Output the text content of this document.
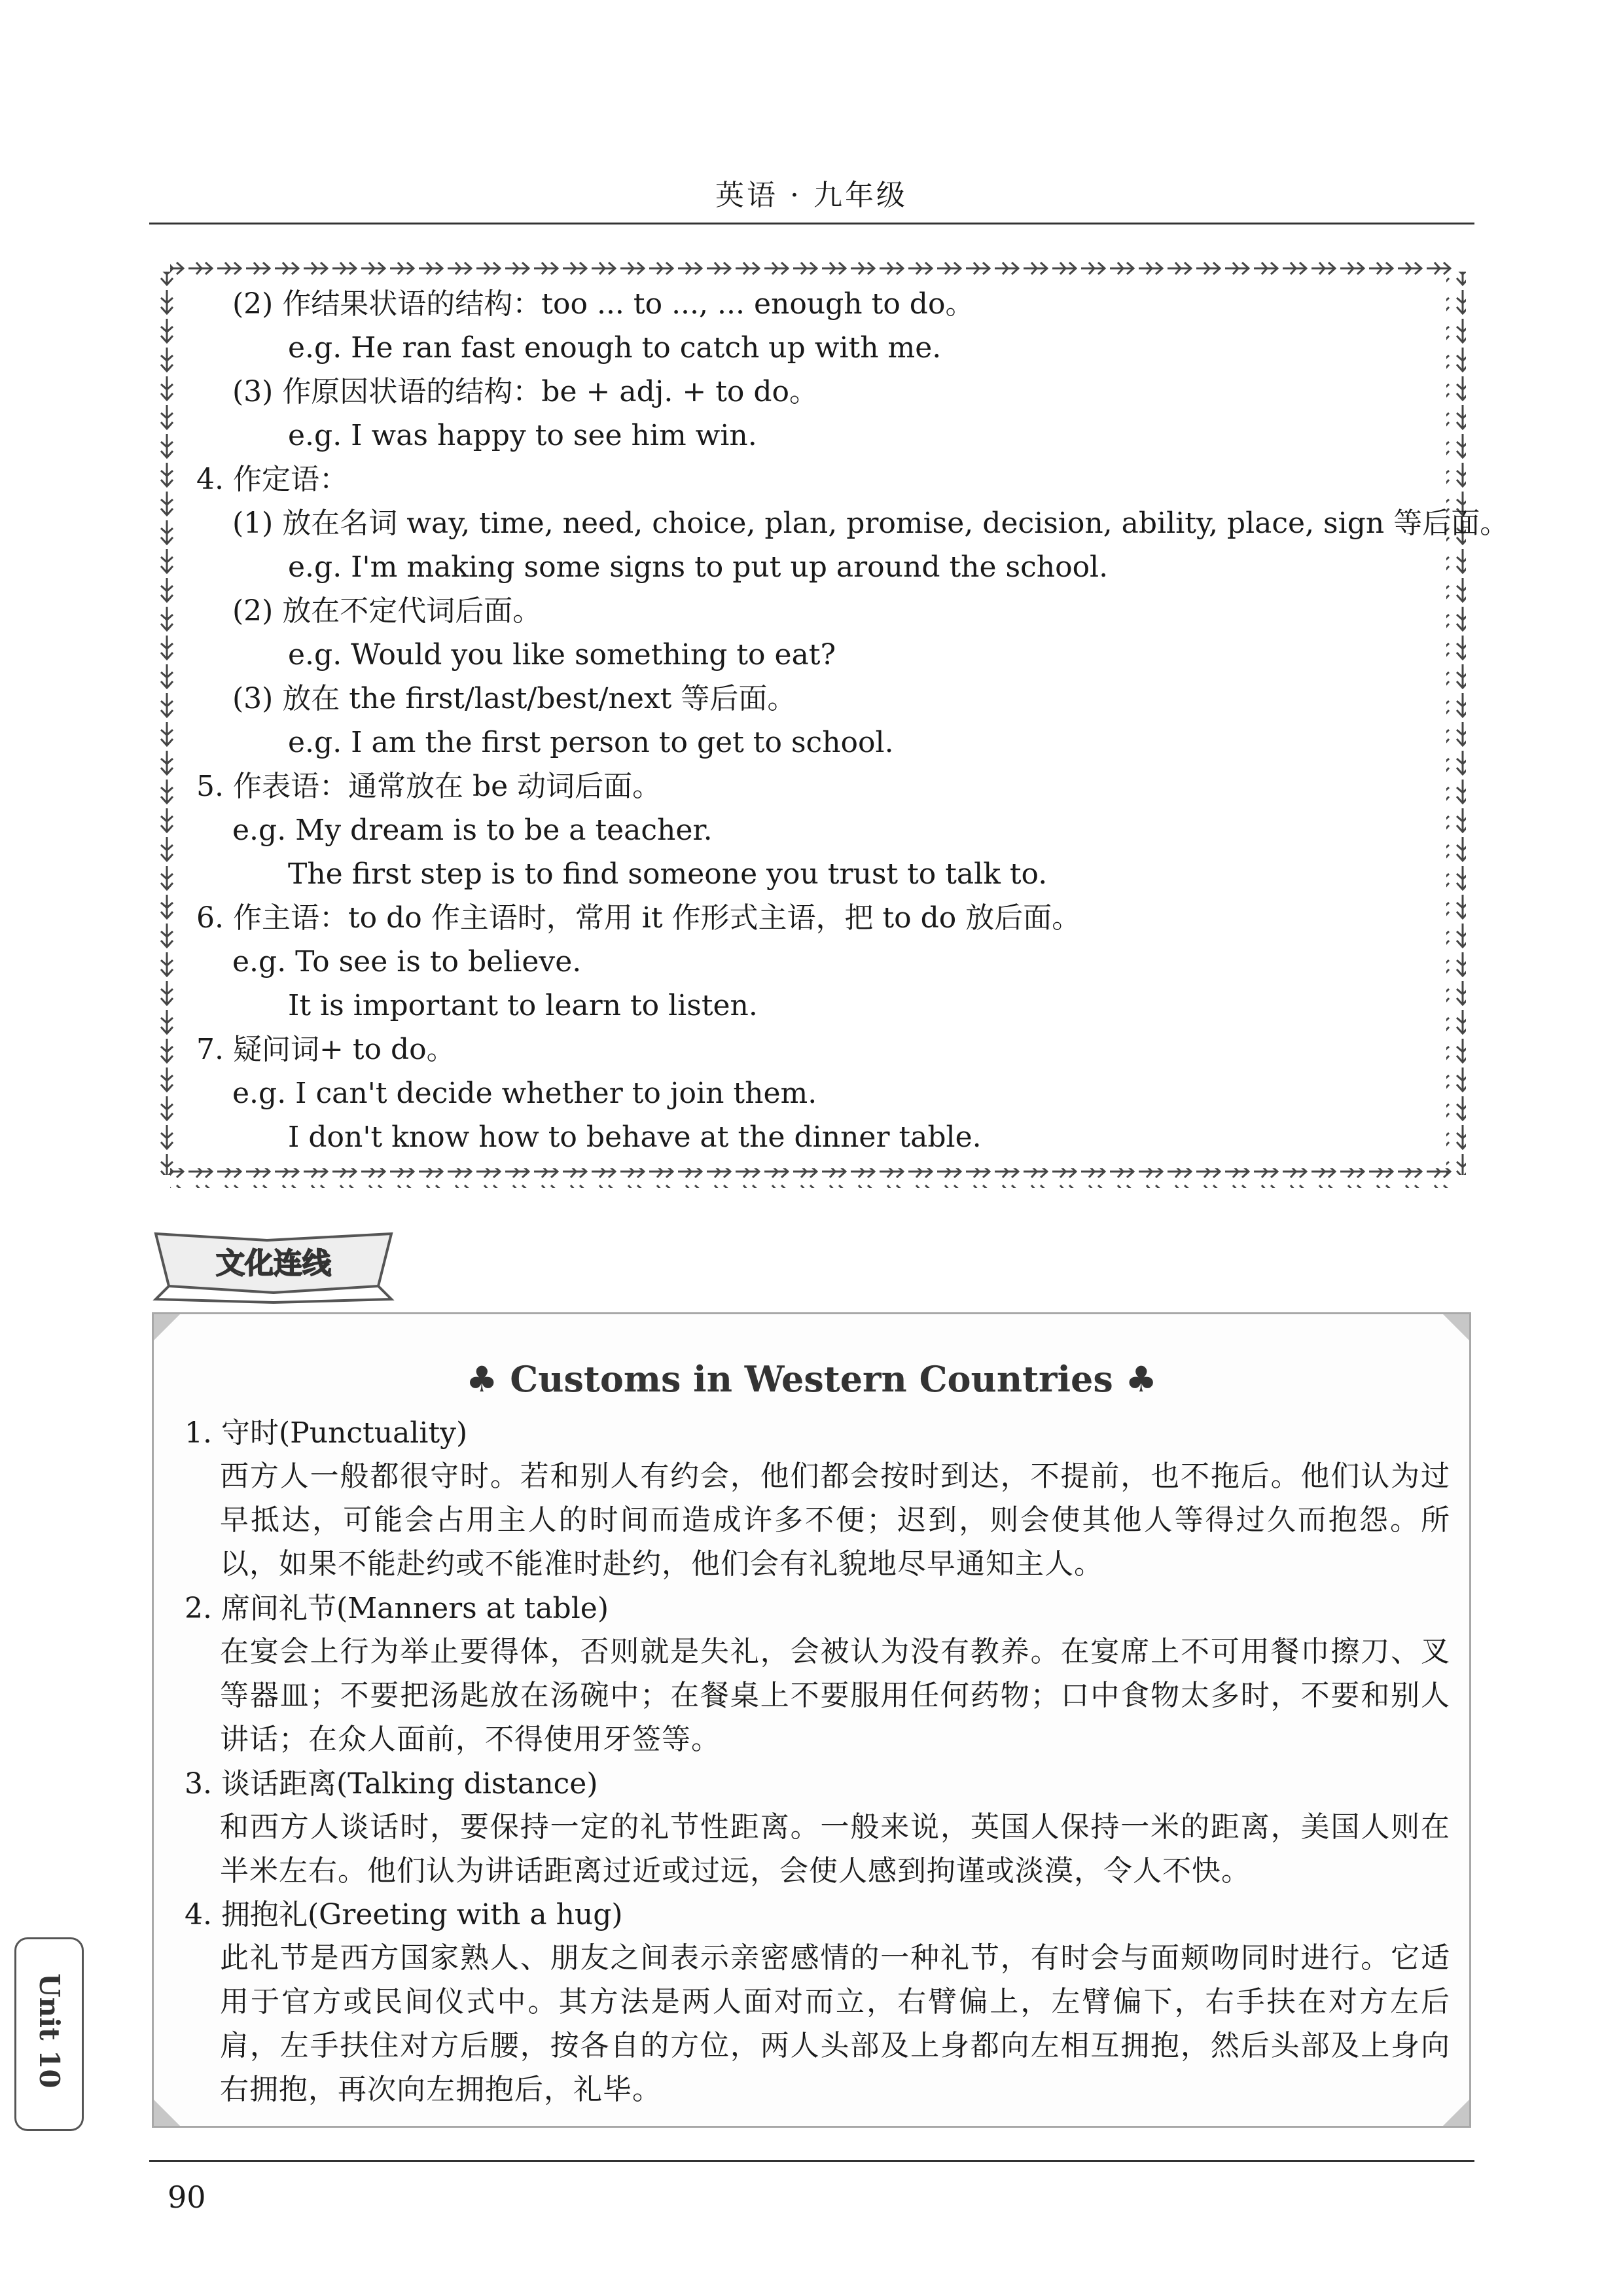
英语 · 九年级
(2) 作结果状语的结构：too ... to ..., ... enough to do。
e.g. He ran fast enough to catch up with me.
(3) 作原因状语的结构：be + adj. + to do。
e.g. I was happy to see him win.
4. 作定语：
(1) 放在名词 way, time, need, choice, plan, promise, decision, ability, place, sign 等后面。
e.g. I'm making some signs to put up around the school.
(2) 放在不定代词后面。
e.g. Would you like something to eat?
(3) 放在 the first/last/best/next 等后面。
e.g. I am the first person to get to school.
5. 作表语：通常放在 be 动词后面。
e.g. My dream is to be a teacher.
The first step is to find someone you trust to talk to.
6. 作主语：to do 作主语时，常用 it 作形式主语，把 to do 放后面。
e.g. To see is to believe.
It is important to learn to listen.
7. 疑问词+ to do。
e.g. I can't decide whether to join them.
I don't know how to behave at the dinner table.
文化连线
♣ Customs in Western Countries ♣
1. 守时(Punctuality)
西方人一般都很守时。若和别人有约会，他们都会按时到达，不提前，也不拖后。他们认为过早抵达，可能会占用主人的时间而造成许多不便；迟到，则会使其他人等得过久而抱怨。所以，如果不能赴约或不能准时赴约，他们会有礼貌地尽早通知主人。
2. 席间礼节(Manners at table)
在宴会上行为举止要得体，否则就是失礼，会被认为没有教养。在宴席上不可用餐巾擦刀、叉等器皿；不要把汤匙放在汤碗中；在餐桌上不要服用任何药物；口中食物太多时，不要和别人讲话；在众人面前，不得使用牙签等。
3. 谈话距离(Talking distance)
和西方人谈话时，要保持一定的礼节性距离。一般来说，英国人保持一米的距离，美国人则在半米左右。他们认为讲话距离过近或过远，会使人感到拘谨或淡漠，令人不快。
4. 拥抱礼(Greeting with a hug)
此礼节是西方国家熟人、朋友之间表示亲密感情的一种礼节，有时会与面颊吻同时进行。它适用于官方或民间仪式中。其方法是两人面对而立，右臂偏上，左臂偏下，右手扶在对方左后肩，左手扶住对方后腰，按各自的方位，两人头部及上身都向左相互拥抱，然后头部及上身向右拥抱，再次向左拥抱后，礼毕。
90
Unit 10
